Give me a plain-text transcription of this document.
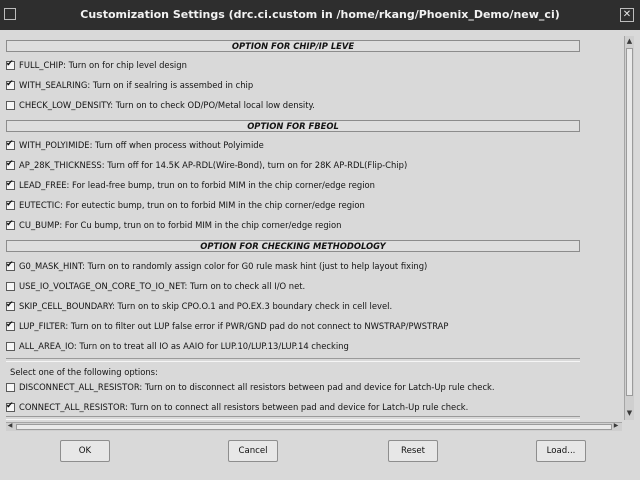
Customization Settings (drc.ci.custom in /home/rkang/Phoenix_Demo/new_ci)	✕
OPTION FOR CHIP/IP LEVE
✔ FULL_CHIP: Turn on for chip level design
✔ WITH_SEALRING: Turn on if sealring is assembed in chip
CHECK_LOW_DENSITY: Turn on to check OD/PO/Metal local low density.
OPTION FOR FBEOL
✔ WITH_POLYIMIDE: Turn off when process without Polyimide
✔ AP_28K_THICKNESS: Turn off for 14.5K AP-RDL(Wire-Bond), turn on for 28K AP-RDL(Flip-Chip)
✔ LEAD_FREE: For lead-free bump, trun on to forbid MIM in the chip corner/edge region
✔ EUTECTIC: For eutectic bump, trun on to forbid MIM in the chip corner/edge region
✔ CU_BUMP: For Cu bump, trun on to forbid MIM in the chip corner/edge region
OPTION FOR CHECKING METHODOLOGY
✔ G0_MASK_HINT: Turn on to randomly assign color for G0 rule mask hint (just to help layout fixing)
USE_IO_VOLTAGE_ON_CORE_TO_IO_NET: Turn on to check all I/O net.
✔ SKIP_CELL_BOUNDARY: Turn on to skip CPO.O.1 and PO.EX.3 boundary check in cell level.
✔ LUP_FILTER: Turn on to filter out LUP false error if PWR/GND pad do not connect to NWSTRAP/PWSTRAP
ALL_AREA_IO: Turn on to treat all IO as AAIO for LUP.10/LUP.13/LUP.14 checking
Select one of the following options:
DISCONNECT_ALL_RESISTOR: Turn on to disconnect all resistors between pad and device for Latch-Up rule check.
✔ CONNECT_ALL_RESISTOR: Turn on to connect all resistors between pad and device for Latch-Up rule check.
▲
▼
◀	▶
OK	Cancel	Reset	Load...
